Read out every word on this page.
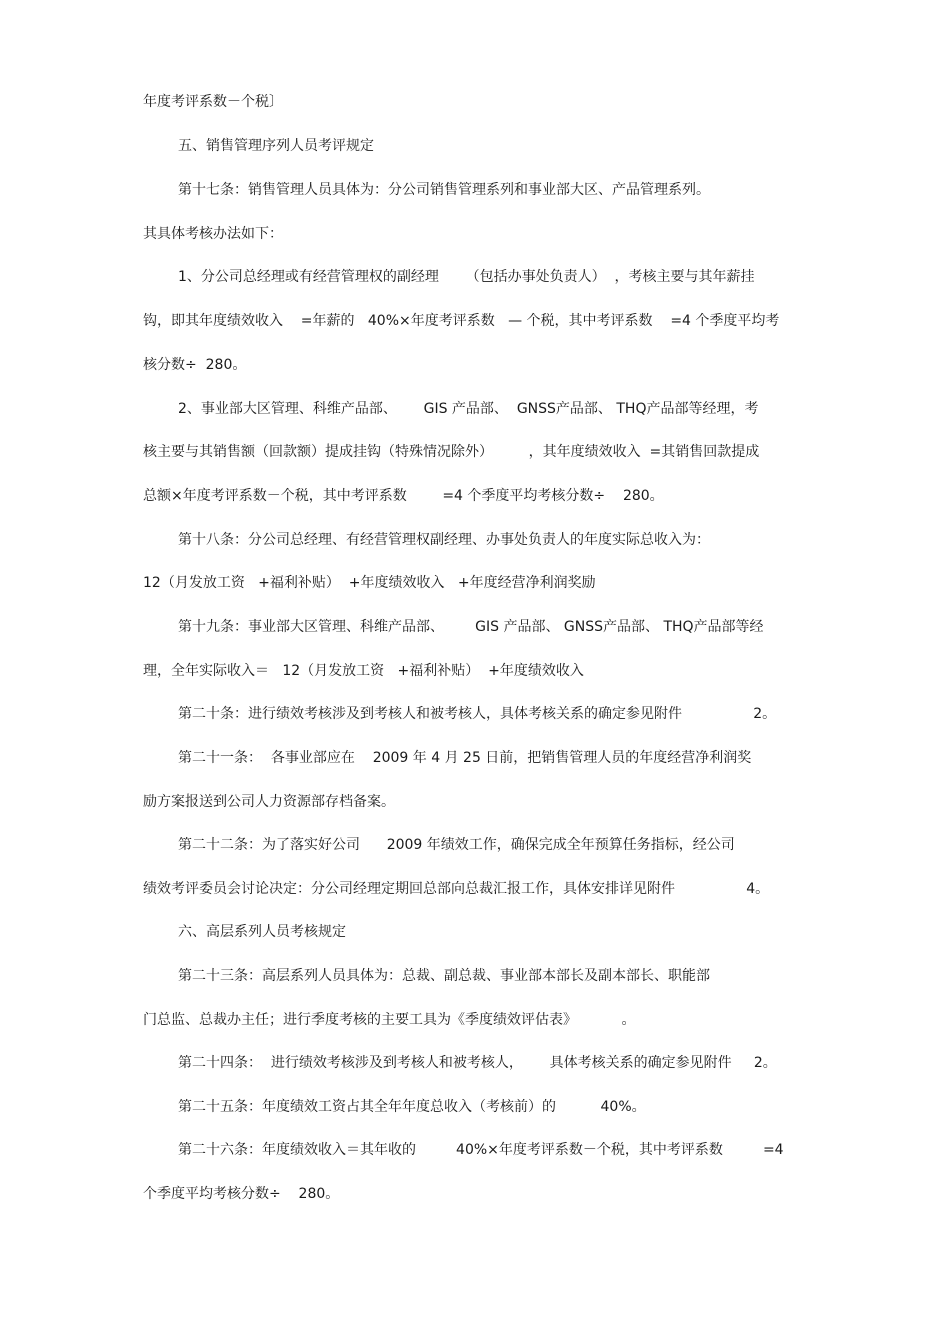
年度考评系数－个税〕
五、销售管理序列人员考评规定
第十七条：销售管理人员具体为：分公司销售管理系列和事业部大区、产品管理系列。
其具体考核办法如下：
1、分公司总经理或有经营管理权的副经理      （包括办事处负责人）  ，考核主要与其年薪挂
钩，即其年度绩效收入    =年薪的   40%×年度考评系数   — 个税，其中考评系数    =4 个季度平均考
核分数÷  280。
2、事业部大区管理、科维产品部、      GIS 产品部、  GNSS产品部、 THQ产品部等经理，考
核主要与其销售额（回款额）提成挂钩（特殊情况除外）        ，其年度绩效收入  =其销售回款提成
总额×年度考评系数－个税，其中考评系数        =4 个季度平均考核分数÷    280。
第十八条：分公司总经理、有经营管理权副经理、办事处负责人的年度实际总收入为：
12（月发放工资   +福利补贴）  +年度绩效收入   +年度经营净利润奖励
第十九条：事业部大区管理、科维产品部、       GIS 产品部、 GNSS产品部、 THQ产品部等经
理，全年实际收入＝   12（月发放工资   +福利补贴）  +年度绩效收入
第二十条：进行绩效考核涉及到考核人和被考核人，具体考核关系的确定参见附件                2。
第二十一条：  各事业部应在    2009 年 4 月 25 日前，把销售管理人员的年度经营净利润奖
励方案报送到公司人力资源部存档备案。
第二十二条：为了落实好公司      2009 年绩效工作，确保完成全年预算任务指标，经公司
绩效考评委员会讨论决定：分公司经理定期回总部向总裁汇报工作，具体安排详见附件                4。
六、高层系列人员考核规定
第二十三条：高层系列人员具体为：总裁、副总裁、事业部本部长及副本部长、职能部
门总监、总裁办主任；进行季度考核的主要工具为《季度绩效评估表》          。
第二十四条：  进行绩效考核涉及到考核人和被考核人，      具体考核关系的确定参见附件     2。
第二十五条：年度绩效工资占其全年年度总收入（考核前）的          40%。
第二十六条：年度绩效收入＝其年收的         40%×年度考评系数－个税，其中考评系数         =4
个季度平均考核分数÷    280。
